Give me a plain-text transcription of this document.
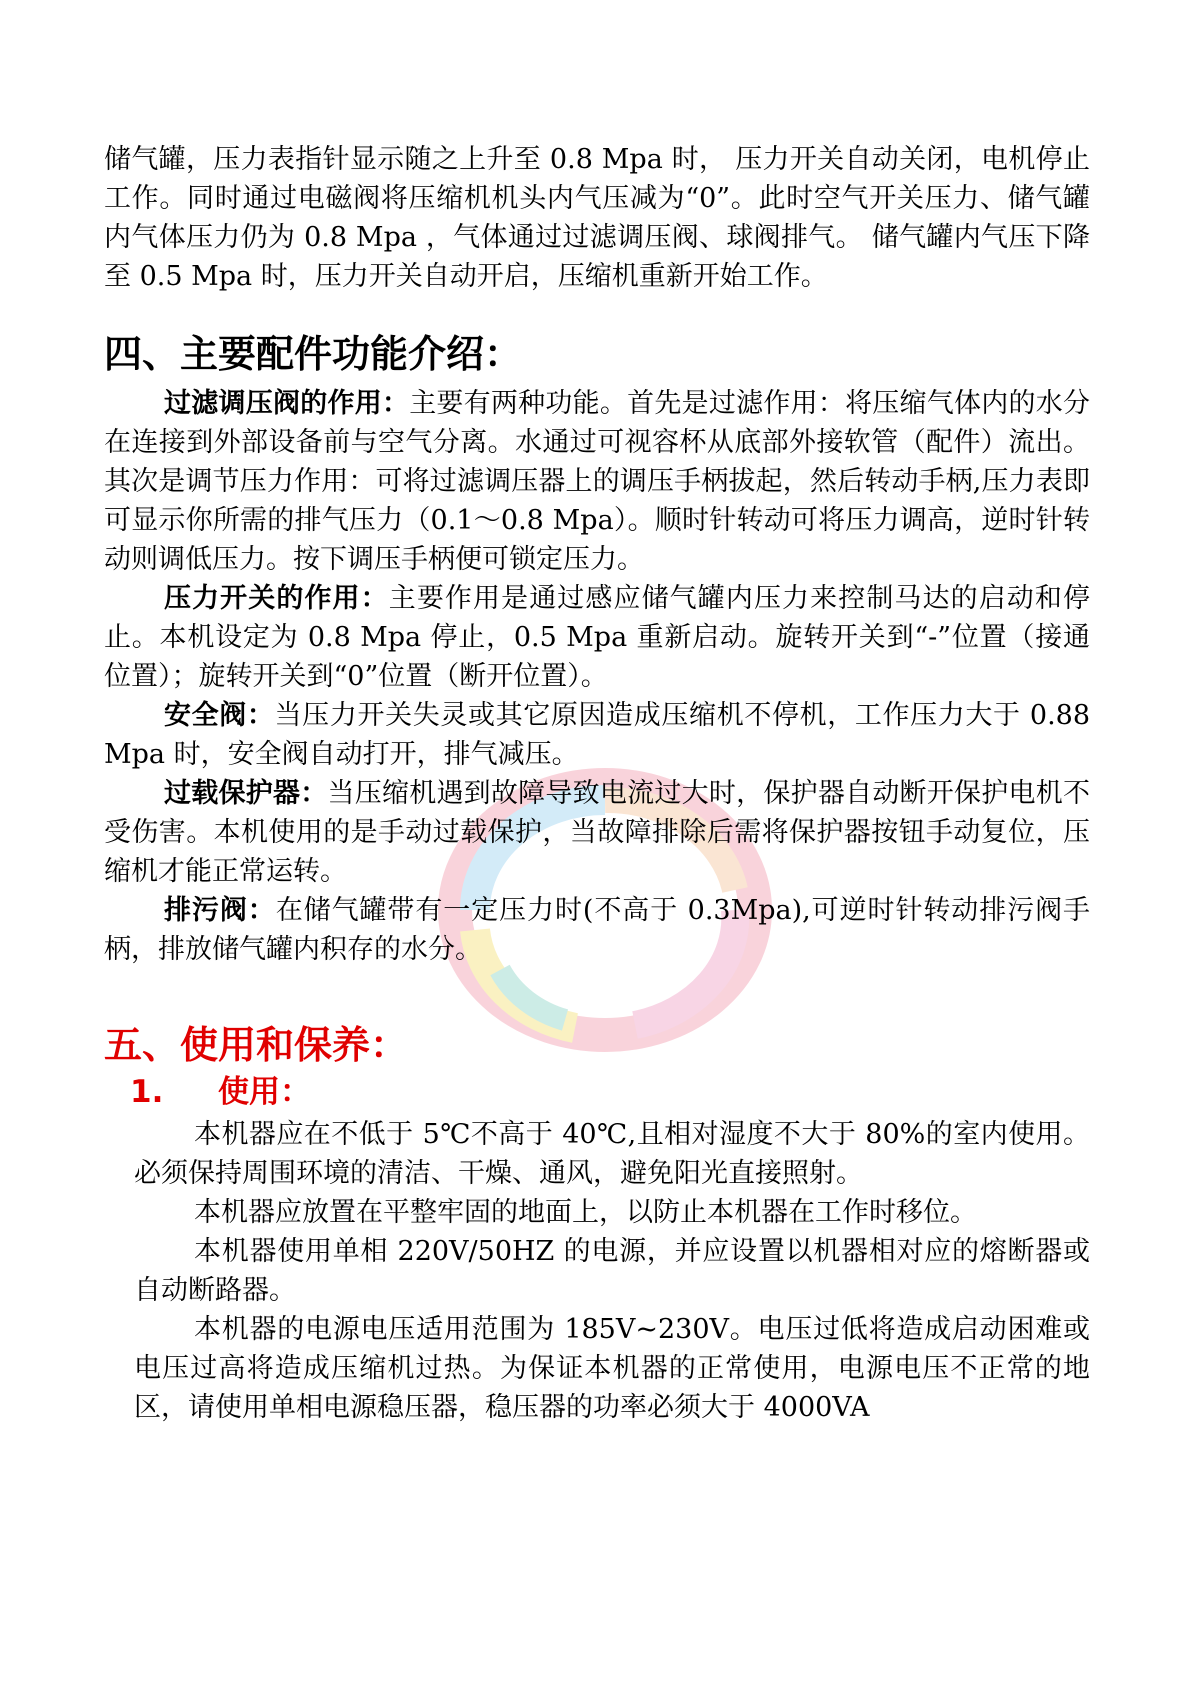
储气罐，压力表指针显示随之上升至 0.8 Mpa 时， 压力开关自动关闭，电机停止工作。同时通过电磁阀将压缩机机头内气压减为“0”。此时空气开关压力、储气罐内气体压力仍为 0.8 Mpa ，气体通过过滤调压阀、球阀排气。 储气罐内气压下降至 0.5 Mpa 时，压力开关自动开启，压缩机重新开始工作。

四、主要配件功能介绍：

过滤调压阀的作用：主要有两种功能。首先是过滤作用：将压缩气体内的水分在连接到外部设备前与空气分离。水通过可视容杯从底部外接软管（配件）流出。其次是调节压力作用：可将过滤调压器上的调压手柄拔起，然后转动手柄,压力表即可显示你所需的排气压力（0.1～0.8 Mpa）。顺时针转动可将压力调高，逆时针转动则调低压力。按下调压手柄便可锁定压力。

压力开关的作用：主要作用是通过感应储气罐内压力来控制马达的启动和停止。本机设定为 0.8 Mpa 停止，0.5 Mpa 重新启动。旋转开关到“-”位置（接通位置）；旋转开关到“0”位置（断开位置）。

安全阀：当压力开关失灵或其它原因造成压缩机不停机，工作压力大于 0.88 Mpa 时，安全阀自动打开，排气减压。

过载保护器：当压缩机遇到故障导致电流过大时，保护器自动断开保护电机不受伤害。本机使用的是手动过载保护，当故障排除后需将保护器按钮手动复位，压缩机才能正常运转。

排污阀：在储气罐带有一定压力时(不高于 0.3Mpa),可逆时针转动排污阀手柄，排放储气罐内积存的水分。

五、使用和保养：
1. 使用：

本机器应在不低于 5℃不高于 40℃,且相对湿度不大于 80%的室内使用。必须保持周围环境的清洁、干燥、通风，避免阳光直接照射。

本机器应放置在平整牢固的地面上，以防止本机器在工作时移位。

本机器使用单相 220V/50HZ 的电源，并应设置以机器相对应的熔断器或自动断路器。

本机器的电源电压适用范围为 185V~230V。电压过低将造成启动困难或电压过高将造成压缩机过热。为保证本机器的正常使用，电源电压不正常的地区，请使用单相电源稳压器，稳压器的功率必须大于 4000VA
